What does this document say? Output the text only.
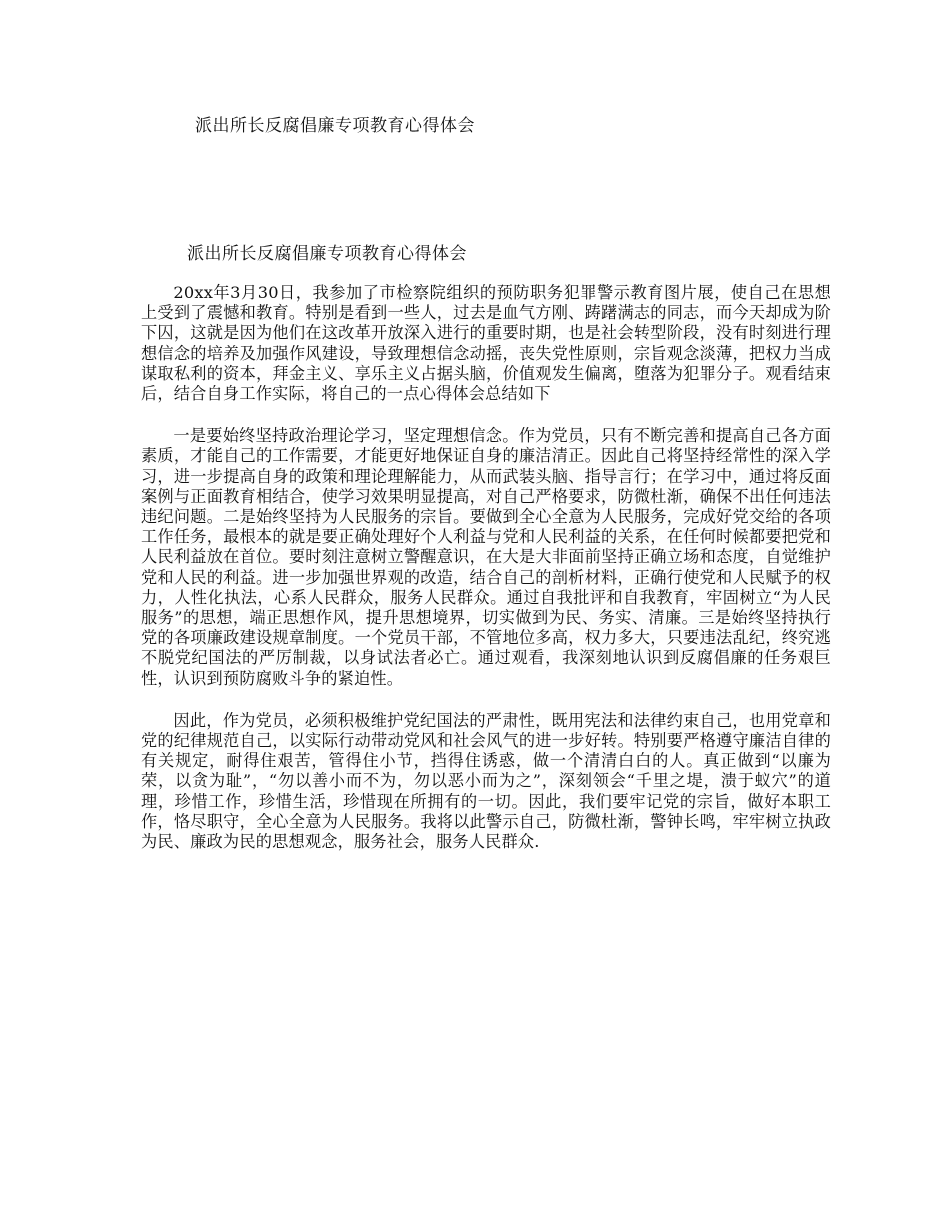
派出所长反腐倡廉专项教育心得体会
派出所长反腐倡廉专项教育心得体会

20xx年3月30日，我参加了市检察院组织的预防职务犯罪警示教育图片展，使自己在思想上受到了震憾和教育。特别是看到一些人，过去是血气方刚、踌躇满志的同志，而今天却成为阶下囚，这就是因为他们在这改革开放深入进行的重要时期，也是社会转型阶段，没有时刻进行理想信念的培养及加强作风建设，导致理想信念动摇，丧失党性原则，宗旨观念淡薄，把权力当成谋取私利的资本，拜金主义、享乐主义占据头脑，价值观发生偏离，堕落为犯罪分子。观看结束后，结合自身工作实际，将自己的一点心得体会总结如下

一是要始终坚持政治理论学习，坚定理想信念。作为党员，只有不断完善和提高自己各方面素质，才能自己的工作需要，才能更好地保证自身的廉洁清正。因此自己将坚持经常性的深入学习，进一步提高自身的政策和理论理解能力，从而武装头脑、指导言行；在学习中，通过将反面案例与正面教育相结合，使学习效果明显提高，对自己严格要求，防微杜渐，确保不出任何违法违纪问题。二是始终坚持为人民服务的宗旨。要做到全心全意为人民服务，完成好党交给的各项工作任务，最根本的就是要正确处理好个人利益与党和人民利益的关系，在任何时候都要把党和人民利益放在首位。要时刻注意树立警醒意识，在大是大非面前坚持正确立场和态度，自觉维护党和人民的利益。进一步加强世界观的改造，结合自己的剖析材料，正确行使党和人民赋予的权力，人性化执法，心系人民群众，服务人民群众。通过自我批评和自我教育，牢固树立“为人民服务”的思想，端正思想作风，提升思想境界，切实做到为民、务实、清廉。三是始终坚持执行党的各项廉政建设规章制度。一个党员干部，不管地位多高，权力多大，只要违法乱纪，终究逃不脱党纪国法的严厉制裁，以身试法者必亡。通过观看，我深刻地认识到反腐倡廉的任务艰巨性，认识到预防腐败斗争的紧迫性。

因此，作为党员，必须积极维护党纪国法的严肃性，既用宪法和法律约束自己，也用党章和党的纪律规范自己，以实际行动带动党风和社会风气的进一步好转。特别要严格遵守廉洁自律的有关规定，耐得住艰苦，管得住小节，挡得住诱惑，做一个清清白白的人。真正做到“以廉为荣，以贪为耻”，“勿以善小而不为，勿以恶小而为之”，深刻领会“千里之堤，溃于蚁穴”的道理，珍惜工作，珍惜生活，珍惜现在所拥有的一切。因此，我们要牢记党的宗旨，做好本职工作，恪尽职守，全心全意为人民服务。我将以此警示自己，防微杜渐，警钟长鸣，牢牢树立执政为民、廉政为民的思想观念，服务社会，服务人民群众.
